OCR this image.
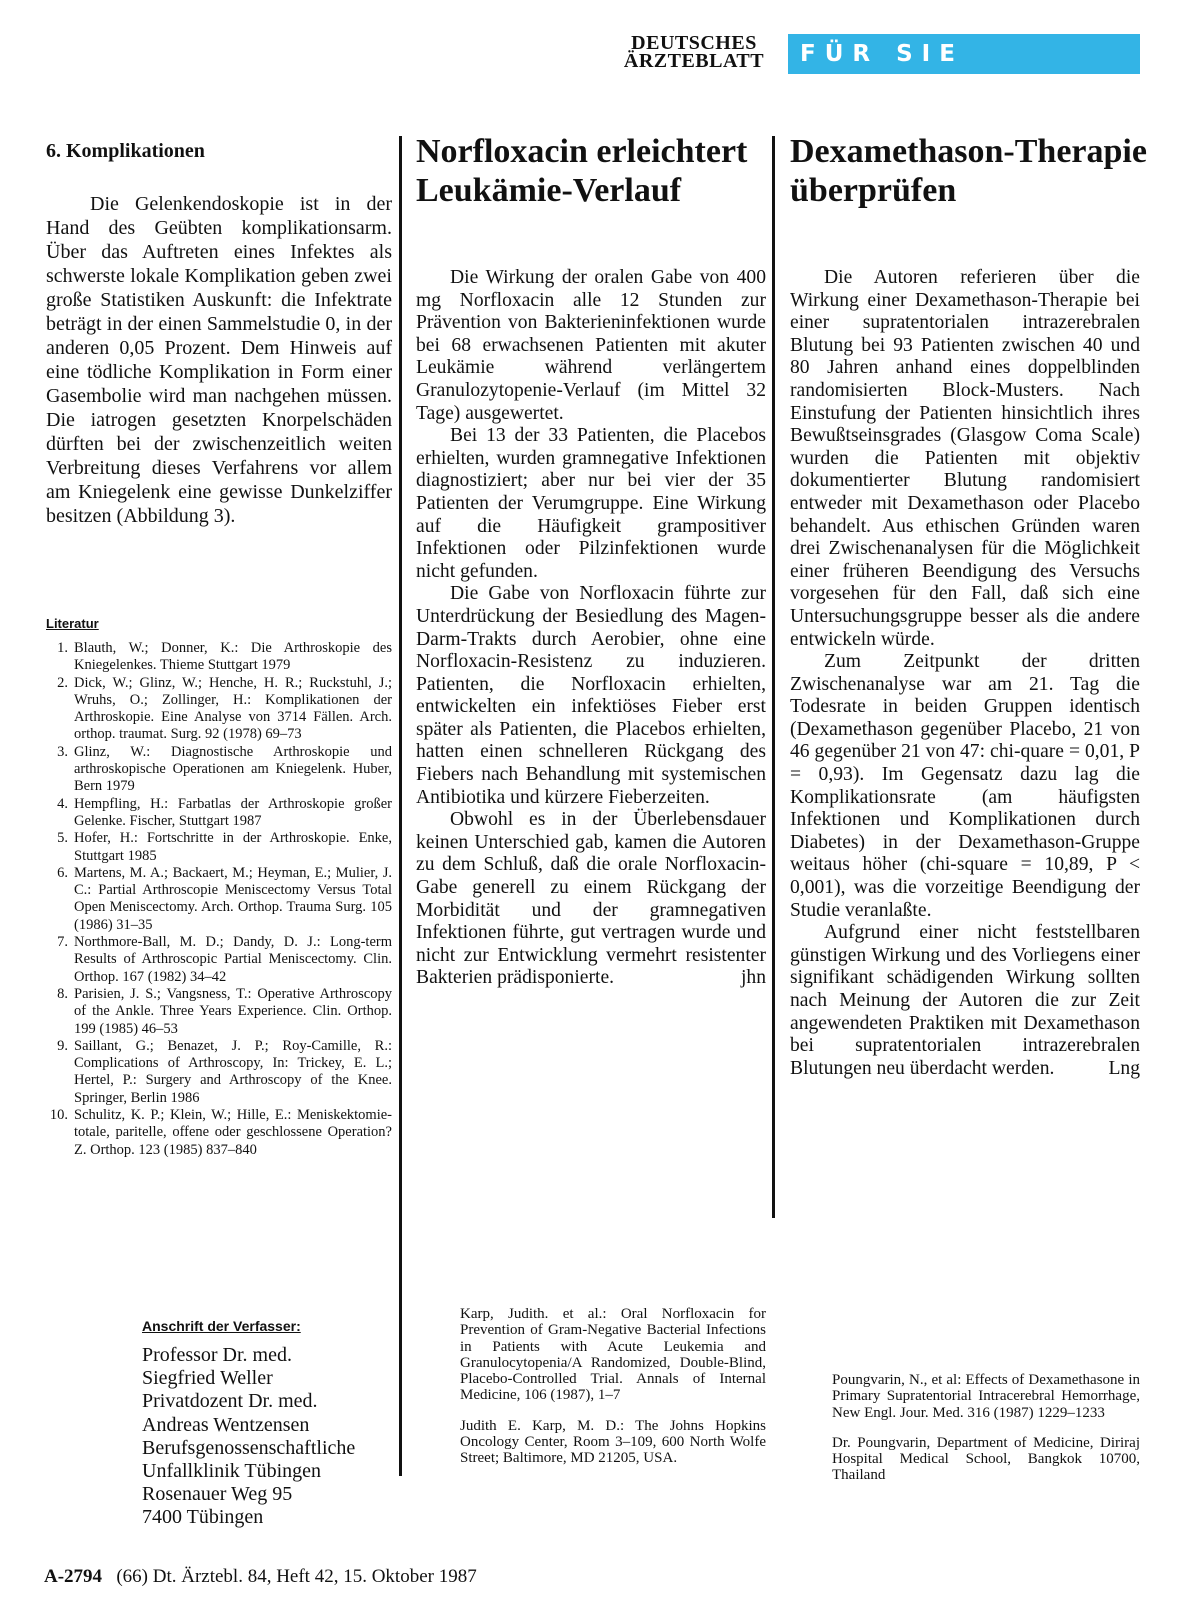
DEUTSCHES
ÄRZTEBLATT	FÜR SIE REFERIERT
6. Komplikationen

Die Gelenkendoskopie ist in der Hand des Geübten komplikationsarm. Über das Auftreten eines Infektes als schwerste lokale Komplikation geben zwei große Statistiken Auskunft: die Infektrate beträgt in der einen Sammelstudie 0, in der anderen 0,05 Prozent. Dem Hinweis auf eine tödliche Komplikation in Form einer Gasembolie wird man nachgehen müssen. Die iatrogen gesetzten Knorpelschäden dürften bei der zwischenzeitlich weiten Verbreitung dieses Verfahrens vor allem am Kniegelenk eine gewisse Dunkelziffer besitzen (Abbildung 3).

Literatur
1. Blauth, W.; Donner, K.: Die Arthroskopie des Kniegelenkes. Thieme Stuttgart 1979
2. Dick, W.; Glinz, W.; Henche, H. R.; Ruckstuhl, J.; Wruhs, O.; Zollinger, H.: Komplikationen der Arthroskopie. Eine Analyse von 3714 Fällen. Arch. orthop. traumat. Surg. 92 (1978) 69–73
3. Glinz, W.: Diagnostische Arthroskopie und arthroskopische Operationen am Kniegelenk. Huber, Bern 1979
4. Hempfling, H.: Farbatlas der Arthroskopie großer Gelenke. Fischer, Stuttgart 1987
5. Hofer, H.: Fortschritte in der Arthroskopie. Enke, Stuttgart 1985
6. Martens, M. A.; Backaert, M.; Heyman, E.; Mulier, J. C.: Partial Arthroscopie Meniscectomy Versus Total Open Meniscectomy. Arch. Orthop. Trauma Surg. 105 (1986) 31–35
7. Northmore-Ball, M. D.; Dandy, D. J.: Long-term Results of Arthroscopic Partial Meniscectomy. Clin. Orthop. 167 (1982) 34–42
8. Parisien, J. S.; Vangsness, T.: Operative Arthroscopy of the Ankle. Three Years Experience. Clin. Orthop. 199 (1985) 46–53
9. Saillant, G.; Benazet, J. P.; Roy-Camille, R.: Complications of Arthroscopy, In: Trickey, E. L.; Hertel, P.: Surgery and Arthroscopy of the Knee. Springer, Berlin 1986
10. Schulitz, K. P.; Klein, W.; Hille, E.: Meniskektomie-totale, paritelle, offene oder geschlossene Operation? Z. Orthop. 123 (1985) 837–840
Anschrift der Verfasser:
Professor Dr. med.
Siegfried Weller
Privatdozent Dr. med.
Andreas Wentzensen
Berufsgenossenschaftliche
Unfallklinik Tübingen
Rosenauer Weg 95
7400 Tübingen
Norfloxacin erleichtert Leukämie-Verlauf

Die Wirkung der oralen Gabe von 400 mg Norfloxacin alle 12 Stunden zur Prävention von Bakterieninfektionen wurde bei 68 erwachsenen Patienten mit akuter Leukämie während verlängertem Granulozytopenie-Verlauf (im Mittel 32 Tage) ausgewertet.

Bei 13 der 33 Patienten, die Placebos erhielten, wurden gramnegative Infektionen diagnostiziert; aber nur bei vier der 35 Patienten der Verumgruppe. Eine Wirkung auf die Häufigkeit grampositiver Infektionen oder Pilzinfektionen wurde nicht gefunden.

Die Gabe von Norfloxacin führte zur Unterdrückung der Besiedlung des Magen-Darm-Trakts durch Aerobier, ohne eine Norfloxacin-Resistenz zu induzieren. Patienten, die Norfloxacin erhielten, entwickelten ein infektiöses Fieber erst später als Patienten, die Placebos erhielten, hatten einen schnelleren Rückgang des Fiebers nach Behandlung mit systemischen Antibiotika und kürzere Fieberzeiten.

Obwohl es in der Überlebensdauer keinen Unterschied gab, kamen die Autoren zu dem Schluß, daß die orale Norfloxacin-Gabe generell zu einem Rückgang der Morbidität und der gramnegativen Infektionen führte, gut vertragen wurde und nicht zur Entwicklung vermehrt resistenter Bakterien prädisponierte.	jhn

Karp, Judith. et al.: Oral Norfloxacin for Prevention of Gram-Negative Bacterial Infections in Patients with Acute Leukemia and Granulocytopenia/A Randomized, Double-Blind, Placebo-Controlled Trial. Annals of Internal Medicine, 106 (1987), 1–7

Judith E. Karp, M. D.: The Johns Hopkins Oncology Center, Room 3–109, 600 North Wolfe Street; Baltimore, MD 21205, USA.

Dexamethason-Therapie überprüfen

Die Autoren referieren über die Wirkung einer Dexamethason-Therapie bei einer supratentorialen intrazerebralen Blutung bei 93 Patienten zwischen 40 und 80 Jahren anhand eines doppelblinden randomisierten Block-Musters. Nach Einstufung der Patienten hinsichtlich ihres Bewußtseinsgrades (Glasgow Coma Scale) wurden die Patienten mit objektiv dokumentierter Blutung randomisiert entweder mit Dexamethason oder Placebo behandelt. Aus ethischen Gründen waren drei Zwischenanalysen für die Möglichkeit einer früheren Beendigung des Versuchs vorgesehen für den Fall, daß sich eine Untersuchungsgruppe besser als die andere entwickeln würde.

Zum Zeitpunkt der dritten Zwischenanalyse war am 21. Tag die Todesrate in beiden Gruppen identisch (Dexamethason gegenüber Placebo, 21 von 46 gegenüber 21 von 47: chi-quare = 0,01, P = 0,93). Im Gegensatz dazu lag die Komplikationsrate (am häufigsten Infektionen und Komplikationen durch Diabetes) in der Dexamethason-Gruppe weitaus höher (chi-square = 10,89, P < 0,001), was die vorzeitige Beendigung der Studie veranlaßte.

Aufgrund einer nicht feststellbaren günstigen Wirkung und des Vorliegens einer signifikant schädigenden Wirkung sollten nach Meinung der Autoren die zur Zeit angewendeten Praktiken mit Dexamethason bei supratentorialen intrazerebralen Blutungen neu überdacht werden.	Lng

Poungvarin, N., et al: Effects of Dexamethasone in Primary Supratentorial Intracerebral Hemorrhage, New Engl. Jour. Med. 316 (1987) 1229–1233

Dr. Poungvarin, Department of Medicine, Diriraj Hospital Medical School, Bangkok 10700, Thailand

A-2794 (66) Dt. Ärztebl. 84, Heft 42, 15. Oktober 1987
